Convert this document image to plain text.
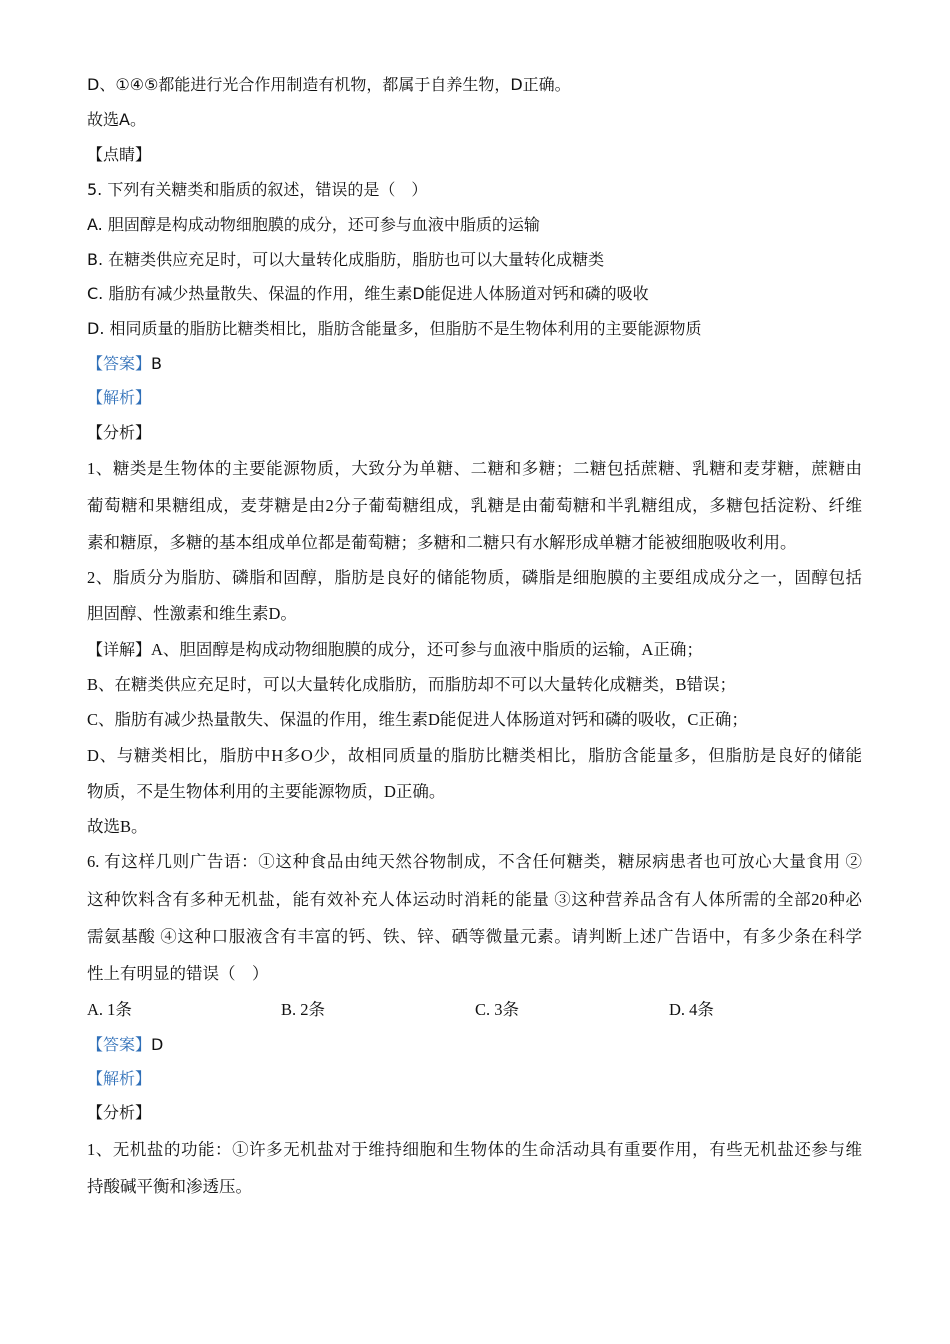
D、①④⑤都能进行光合作用制造有机物，都属于自养生物，D正确。
故选A。
【点睛】
5. 下列有关糖类和脂质的叙述，错误的是（　）
A. 胆固醇是构成动物细胞膜的成分，还可参与血液中脂质的运输
B. 在糖类供应充足时，可以大量转化成脂肪，脂肪也可以大量转化成糖类
C. 脂肪有减少热量散失、保温的作用，维生素D能促进人体肠道对钙和磷的吸收
D. 相同质量的脂肪比糖类相比，脂肪含能量多，但脂肪不是生物体利用的主要能源物质
【答案】B
【解析】
【分析】
1、糖类是生物体的主要能源物质，大致分为单糖、二糖和多糖；二糖包括蔗糖、乳糖和麦芽糖，蔗糖由
葡萄糖和果糖组成，麦芽糖是由2分子葡萄糖组成，乳糖是由葡萄糖和半乳糖组成，多糖包括淀粉、纤维
素和糖原，多糖的基本组成单位都是葡萄糖；多糖和二糖只有水解形成单糖才能被细胞吸收利用。
2、脂质分为脂肪、磷脂和固醇，脂肪是良好的储能物质，磷脂是细胞膜的主要组成成分之一，固醇包括
胆固醇、性激素和维生素D。
【详解】A、胆固醇是构成动物细胞膜的成分，还可参与血液中脂质的运输，A正确；
B、在糖类供应充足时，可以大量转化成脂肪，而脂肪却不可以大量转化成糖类，B错误；
C、脂肪有减少热量散失、保温的作用，维生素D能促进人体肠道对钙和磷的吸收，C正确；
D、与糖类相比，脂肪中H多O少，故相同质量的脂肪比糖类相比，脂肪含能量多，但脂肪是良好的储能
物质，不是生物体利用的主要能源物质，D正确。
故选B。
6. 有这样几则广告语：①这种食品由纯天然谷物制成，不含任何糖类，糖尿病患者也可放心大量食用 ②
这种饮料含有多种无机盐，能有效补充人体运动时消耗的能量 ③这种营养品含有人体所需的全部20种必
需氨基酸 ④这种口服液含有丰富的钙、铁、锌、硒等微量元素。请判断上述广告语中，有多少条在科学
性上有明显的错误（　）
A. 1条	B. 2条	C. 3条	D. 4条
【答案】D
【解析】
【分析】
1、无机盐的功能：①许多无机盐对于维持细胞和生物体的生命活动具有重要作用，有些无机盐还参与维
持酸碱平衡和渗透压。
